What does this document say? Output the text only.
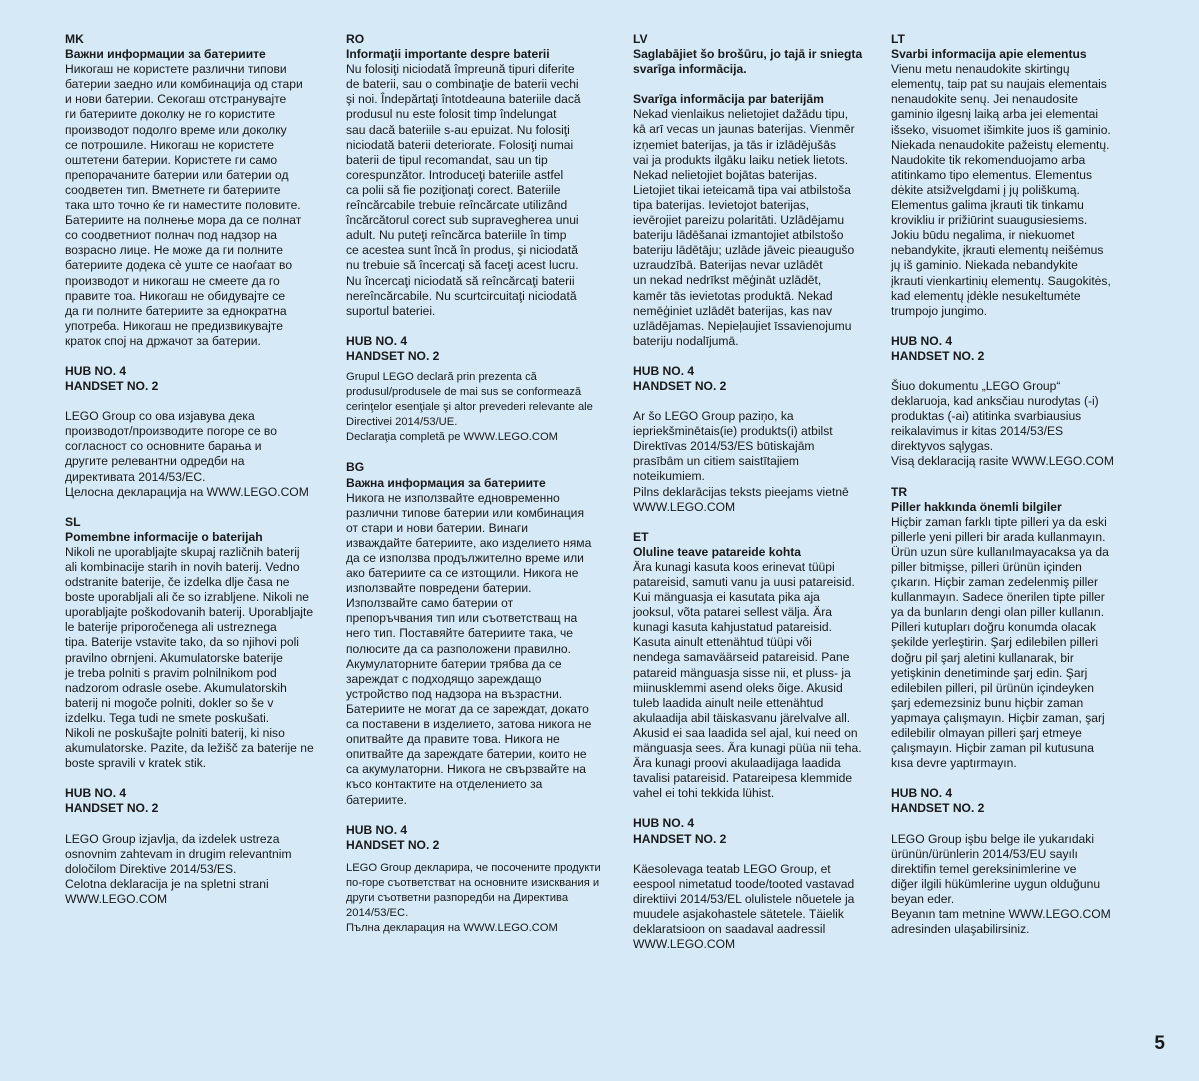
MK
Важни информации за батериите
Никогаш не користете различни типови
батерии заедно или комбинација од стари
и нови батерии. Секогаш отстранувајте
ги батериите доколку не го користите
производот подолго време или доколку
се потрошиле. Никогаш не користете
оштетени батерии. Користете ги само
препорачаните батерии или батерии од
соодветен тип. Вметнете ги батериите
така што точно ќе ги наместите половите.
Батериите на полнење мора да се полнат
со соодветниот полнач под надзор на
возрасно лице. Не може да ги полните
батериите додека сè уште се наоѓаат во
производот и никогаш не смеете да го
правите тоа. Никогаш не обидувајте се
да ги полните батериите за еднократна
употреба. Никогаш не предизвикувајте
краток спој на држачот за батерии.
HUB NO. 4
HANDSET NO. 2
LEGO Group со ова изјавува дека
производот/производите погоре се во
согласност со основните барања и
другите релевантни одредби на
директивата 2014/53/EC.
Целосна декларација на WWW.LEGO.COM
SL
Pomembne informacije o baterijah
Nikoli ne uporabljajte skupaj različnih baterij
ali kombinacije starih in novih baterij. Vedno
odstranite baterije, če izdelka dlje časa ne
boste uporabljali ali če so izrabljene. Nikoli ne
uporabljajte poškodovanih baterij. Uporabljajte
le baterije priporočenega ali ustreznega
tipa. Baterije vstavite tako, da so njihovi poli
pravilno obrnjeni. Akumulatorske baterije
je treba polniti s pravim polnilnikom pod
nadzorom odrasle osebe. Akumulatorskih
baterij ni mogoče polniti, dokler so še v
izdelku. Tega tudi ne smete poskušati.
Nikoli ne poskušajte polniti baterij, ki niso
akumulatorske. Pazite, da ležišč za baterije ne
boste spravili v kratek stik.
HUB NO. 4
HANDSET NO. 2
LEGO Group izjavlja, da izdelek ustreza
osnovnim zahtevam in drugim relevantnim
določilom Direktive 2014/53/ES.
Celotna deklaracija je na spletni strani
WWW.LEGO.COM
RO
Informaţii importante despre baterii
Nu folosiţi niciodată împreună tipuri diferite
de baterii, sau o combinaţie de baterii vechi
şi noi. Îndepărtaţi întotdeauna bateriile dacă
produsul nu este folosit timp îndelungat
sau dacă bateriile s-au epuizat. Nu folosiţi
niciodată baterii deteriorate. Folosiţi numai
baterii de tipul recomandat, sau un tip
corespunzător. Introduceţi bateriile astfel
ca polii să fie poziţionaţi corect. Bateriile
reîncărcabile trebuie reîncărcate utilizând
încărcătorul corect sub supravegherea unui
adult. Nu puteţi reîncărca bateriile în timp
ce acestea sunt încă în produs, şi niciodată
nu trebuie să încercaţi să faceţi acest lucru.
Nu încercaţi niciodată să reîncărcaţi baterii
nereîncărcabile. Nu scurtcircuitaţi niciodată
suportul bateriei.
HUB NO. 4
HANDSET NO. 2
Grupul LEGO declară prin prezenta că
produsul/produsele de mai sus se conformează
cerinţelor esenţiale şi altor prevederi relevante ale
Directivei 2014/53/UE.
Declaraţia completă pe WWW.LEGO.COM
BG
Важна информация за батериите
Никога не използвайте едновременно
различни типове батерии или комбинация
от стари и нови батерии. Винаги
изваждайте батериите, ако изделието няма
да се използва продължително време или
ако батериите са се изтощили. Никога не
използвайте повредени батерии.
Използвайте само батерии от
препоръчвания тип или съответстващ на
него тип. Поставяйте батериите така, че
полюсите да са разположени правилно.
Акумулаторните батерии трябва да се
зареждат с подходящо зареждащо
устройство под надзора на възрастни.
Батериите не могат да се зареждат, докато
са поставени в изделието, затова никога не
опитвайте да правите това. Никога не
опитвайте да зареждате батерии, които не
са акумулаторни. Никога не свързвайте на
късо контактите на отделението за
батериите.
HUB NO. 4
HANDSET NO. 2
LEGO Group декларира, че посочените продукти
по-горе съответстват на основните изисквания и
други съответни разпоредби на Директива
2014/53/EC.
Пълна декларация на WWW.LEGO.COM
LV
Saglabājiet šo brošūru, jo tajā ir sniegta
svarīga informācija.
Svarīga informācija par baterijām
Nekad vienlaikus nelietojiet dažādu tipu,
kā arī vecas un jaunas baterijas. Vienmēr
izņemiet baterijas, ja tās ir izlādējušās
vai ja produkts ilgāku laiku netiek lietots.
Nekad nelietojiet bojātas baterijas.
Lietojiet tikai ieteicamā tipa vai atbilstoša
tipa baterijas. Ievietojot baterijas,
ievērojiet pareizu polaritāti. Uzlādējamu
bateriju lādēšanai izmantojiet atbilstošo
bateriju lādētāju; uzlāde jāveic pieaugušo
uzraudzībā. Baterijas nevar uzlādēt
un nekad nedrīkst mēģināt uzlādēt,
kamēr tās ievietotas produktā. Nekad
nemēģiniet uzlādēt baterijas, kas nav
uzlādējamas. Nepieļaujiet īssavienojumu
bateriju nodalījumā.
HUB NO. 4
HANDSET NO. 2
Ar šo LEGO Group paziņo, ka
iepriekšminētais(ie) produkts(i) atbilst
Direktīvas 2014/53/ES būtiskajām
prasībām un citiem saistītajiem
noteikumiem.
Pilns deklarācijas teksts pieejams vietnē
WWW.LEGO.COM
ET
Oluline teave patareide kohta
Ära kunagi kasuta koos erinevat tüüpi
patareisid, samuti vanu ja uusi patareisid.
Kui mänguasja ei kasutata pika aja
jooksul, võta patarei sellest välja. Ära
kunagi kasuta kahjustatud patareisid.
Kasuta ainult ettenähtud tüüpi või
nendega samaväärseid patareisid. Pane
patareid mänguasja sisse nii, et pluss- ja
miinusklemmi asend oleks õige. Akusid
tuleb laadida ainult neile ettenähtud
akulaadija abil täiskasvanu järelvalve all.
Akusid ei saa laadida sel ajal, kui need on
mänguasja sees. Ära kunagi püüa nii teha.
Ära kunagi proovi akulaadijaga laadida
tavalisi patareisid. Patareipesa klemmide
vahel ei tohi tekkida lühist.
HUB NO. 4
HANDSET NO. 2
Käesolevaga teatab LEGO Group, et
eespool nimetatud toode/tooted vastavad
direktiivi 2014/53/EL olulistele nõuetele ja
muudele asjakohastele sätetele. Täielik
deklaratsioon on saadaval aadressil
WWW.LEGO.COM
LT
Svarbi informacija apie elementus
Vienu metu nenaudokite skirtingų
elementų, taip pat su naujais elementais
nenaudokite senų. Jei nenaudosite
gaminio ilgesnį laiką arba jei elementai
išseko, visuomet išimkite juos iš gaminio.
Niekada nenaudokite pažeistų elementų.
Naudokite tik rekomenduojamo arba
atitinkamo tipo elementus. Elementus
dėkite atsižvelgdami į jų poliškumą.
Elementus galima įkrauti tik tinkamu
krovikliu ir prižiūrint suaugusiesiems.
Jokiu būdu negalima, ir niekuomet
nebandykite, įkrauti elementų neišėmus
jų iš gaminio. Niekada nebandykite
įkrauti vienkartinių elementų. Saugokitės,
kad elementų įdėkle nesukeltumėte
trumpojo jungimo.
HUB NO. 4
HANDSET NO. 2
Šiuo dokumentu „LEGO Group“
deklaruoja, kad anksčiau nurodytas (-i)
produktas (-ai) atitinka svarbiausius
reikalavimus ir kitas 2014/53/ES
direktyvos sąlygas.
Visą deklaraciją rasite WWW.LEGO.COM
TR
Piller hakkında önemli bilgiler
Hiçbir zaman farklı tipte pilleri ya da eski
pillerle yeni pilleri bir arada kullanmayın.
Ürün uzun süre kullanılmayacaksa ya da
piller bitmişse, pilleri ürünün içinden
çıkarın. Hiçbir zaman zedelenmiş piller
kullanmayın. Sadece önerilen tipte piller
ya da bunların dengi olan piller kullanın.
Pilleri kutupları doğru konumda olacak
şekilde yerleştirin. Şarj edilebilen pilleri
doğru pil şarj aletini kullanarak, bir
yetişkinin denetiminde şarj edin. Şarj
edilebilen pilleri, pil ürünün içindeyken
şarj edemezsiniz bunu hiçbir zaman
yapmaya çalışmayın. Hiçbir zaman, şarj
edilebilir olmayan pilleri şarj etmeye
çalışmayın. Hiçbir zaman pil kutusuna
kısa devre yaptırmayın.
HUB NO. 4
HANDSET NO. 2
LEGO Group işbu belge ile yukarıdaki
ürünün/ürünlerin 2014/53/EU sayılı
direktifin temel gereksinimlerine ve
diğer ilgili hükümlerine uygun olduğunu
beyan eder.
Beyanın tam metnine WWW.LEGO.COM
adresinden ulaşabilirsiniz.
5
